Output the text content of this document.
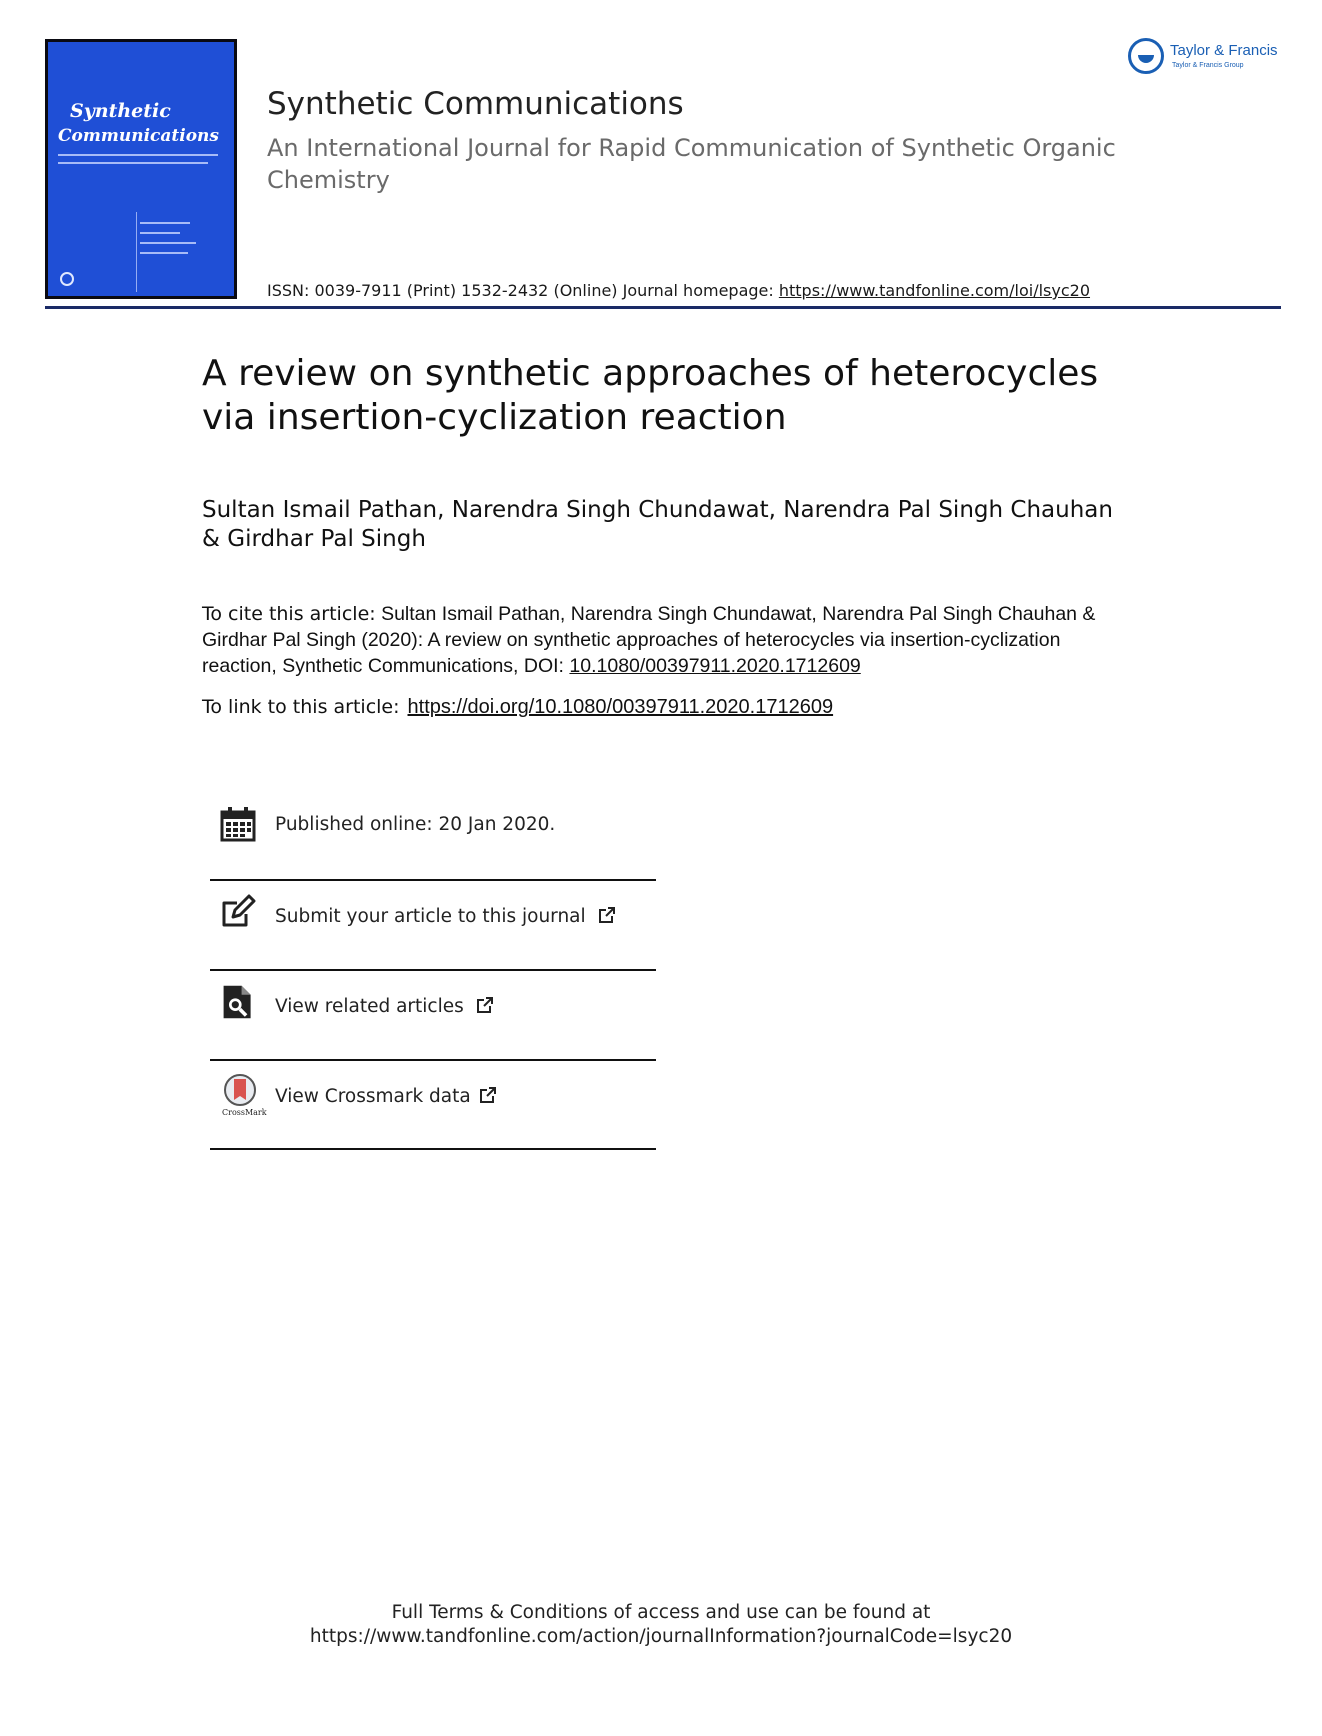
Synthetic
Communications
Taylor & Francis
Taylor & Francis Group
Synthetic Communications
An International Journal for Rapid Communication of Synthetic Organic Chemistry
ISSN: 0039-7911 (Print) 1532-2432 (Online) Journal homepage: https://www.tandfonline.com/loi/lsyc20
A review on synthetic approaches of heterocycles via insertion-cyclization reaction
Sultan Ismail Pathan, Narendra Singh Chundawat, Narendra Pal Singh Chauhan & Girdhar Pal Singh
To cite this article: Sultan Ismail Pathan, Narendra Singh Chundawat, Narendra Pal Singh Chauhan & Girdhar Pal Singh (2020): A review on synthetic approaches of heterocycles via insertion-cyclization reaction, Synthetic Communications, DOI: 10.1080/00397911.2020.1712609
To link to this article: https://doi.org/10.1080/00397911.2020.1712609
Published online: 20 Jan 2020.
Submit your article to this journal
View related articles
CrossMark
View Crossmark data
Full Terms & Conditions of access and use can be found at
https://www.tandfonline.com/action/journalInformation?journalCode=lsyc20
